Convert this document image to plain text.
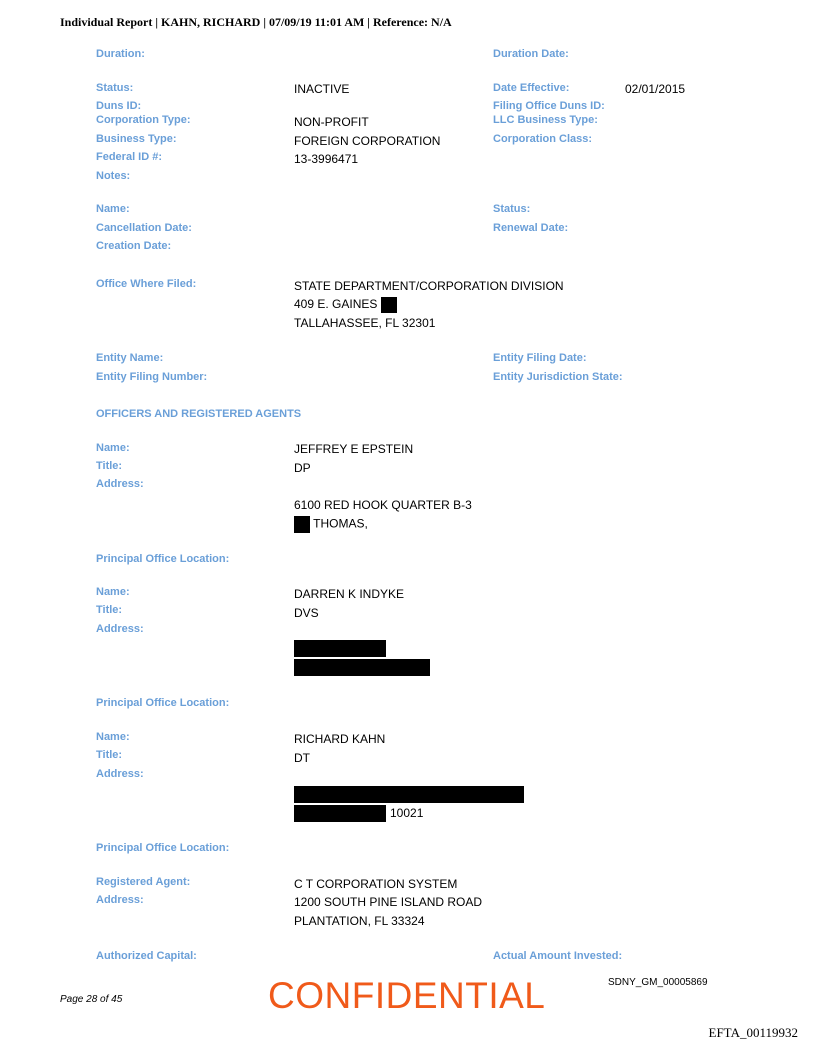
Individual Report | KAHN, RICHARD | 07/09/19 11:01 AM | Reference: N/A
Duration:	Duration Date:
Status:	INACTIVE	Date Effective:	02/01/2015
Duns ID:	Filing Office Duns ID:
Corporation Type:	NON-PROFIT	LLC Business Type:
Business Type:	FOREIGN CORPORATION	Corporation Class:
Federal ID #:	13-3996471
Notes:
Name:	Status:
Cancellation Date:	Renewal Date:
Creation Date:
Office Where Filed:	STATE DEPARTMENT/CORPORATION DIVISION
409 E. GAINES
TALLAHASSEE, FL 32301
Entity Name:	Entity Filing Date:
Entity Filing Number:	Entity Jurisdiction State:
OFFICERS AND REGISTERED AGENTS
Name:	JEFFREY E EPSTEIN
Title:	DP
Address:
6100 RED HOOK QUARTER B-3
THOMAS,
Principal Office Location:
Name:	DARREN K INDYKE
Title:	DVS
Address:
Principal Office Location:
Name:	RICHARD KAHN
Title:	DT
Address:
10021
Principal Office Location:
Registered Agent:	C T CORPORATION SYSTEM
Address:	1200 SOUTH PINE ISLAND ROAD
PLANTATION, FL 33324
Authorized Capital:	Actual Amount Invested:
Page 28 of 45	CONFIDENTIAL	SDNY_GM_00005869
EFTA_00119932
